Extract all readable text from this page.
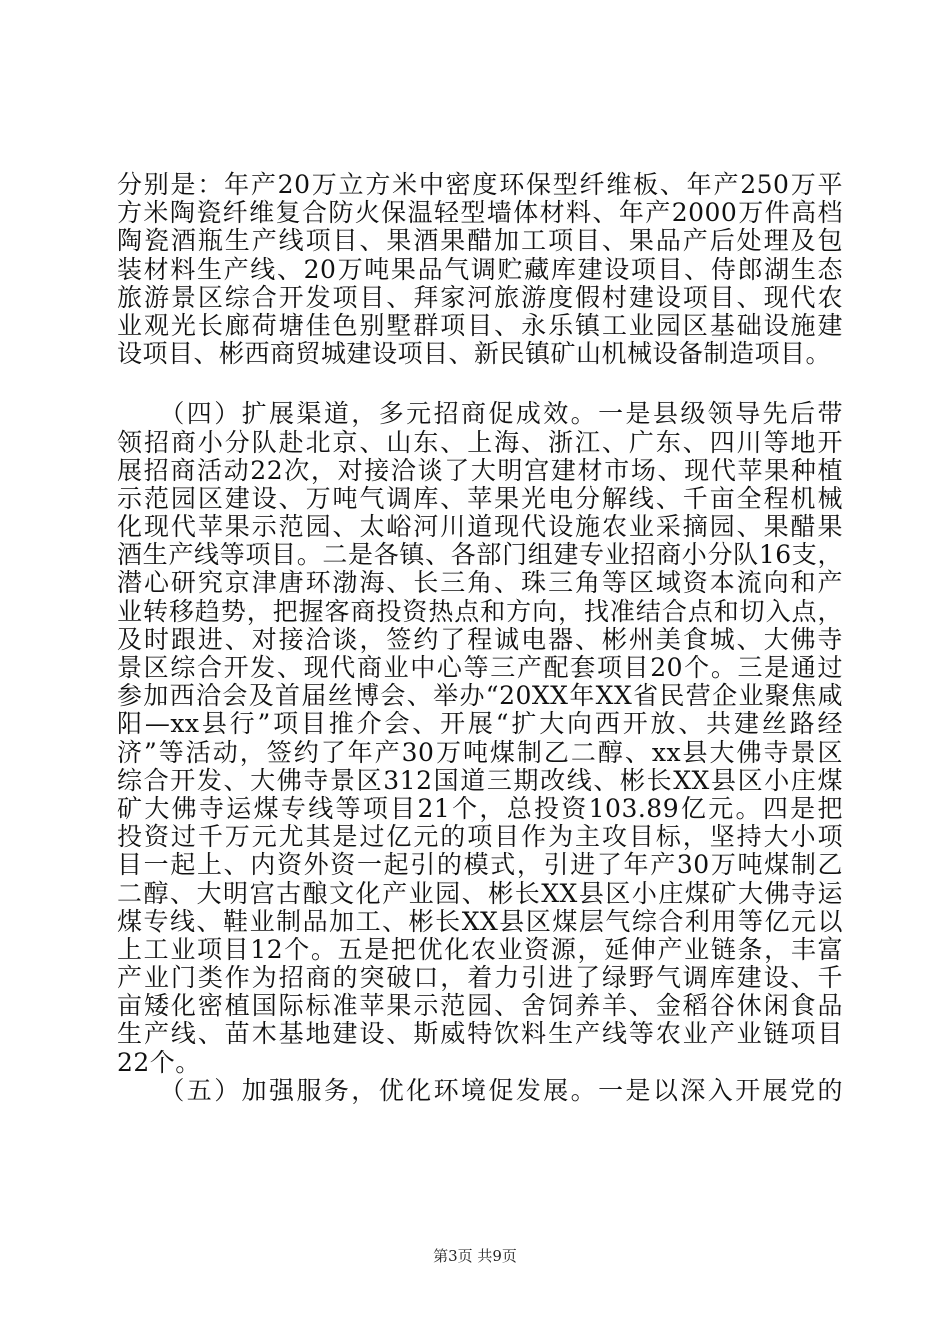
分别是：年产20万立方米中密度环保型纤维板、年产250万平
方米陶瓷纤维复合防火保温轻型墙体材料、年产2000万件高档
陶瓷酒瓶生产线项目、果酒果醋加工项目、果品产后处理及包
装材料生产线、20万吨果品气调贮藏库建设项目、侍郎湖生态
旅游景区综合开发项目、拜家河旅游度假村建设项目、现代农
业观光长廊荷塘佳色别墅群项目、永乐镇工业园区基础设施建
设项目、彬西商贸城建设项目、新民镇矿山机械设备制造项目。
　　（四）扩展渠道，多元招商促成效。一是县级领导先后带
领招商小分队赴北京、山东、上海、浙江、广东、四川等地开
展招商活动22次，对接洽谈了大明宫建材市场、现代苹果种植
示范园区建设、万吨气调库、苹果光电分解线、千亩全程机械
化现代苹果示范园、太峪河川道现代设施农业采摘园、果醋果
酒生产线等项目。二是各镇、各部门组建专业招商小分队16支，
潜心研究京津唐环渤海、长三角、珠三角等区域资本流向和产
业转移趋势，把握客商投资热点和方向，找准结合点和切入点，
及时跟进、对接洽谈，签约了程诚电器、彬州美食城、大佛寺
景区综合开发、现代商业中心等三产配套项目20个。三是通过
参加西洽会及首届丝博会、举办“20XX年XX省民营企业聚焦咸
阳—xx县行”项目推介会、开展“扩大向西开放、共建丝路经
济”等活动，签约了年产30万吨煤制乙二醇、xx县大佛寺景区
综合开发、大佛寺景区312国道三期改线、彬长XX县区小庄煤
矿大佛寺运煤专线等项目21个，总投资103.89亿元。四是把
投资过千万元尤其是过亿元的项目作为主攻目标，坚持大小项
目一起上、内资外资一起引的模式，引进了年产30万吨煤制乙
二醇、大明宫古酿文化产业园、彬长XX县区小庄煤矿大佛寺运
煤专线、鞋业制品加工、彬长XX县区煤层气综合利用等亿元以
上工业项目12个。五是把优化农业资源，延伸产业链条，丰富
产业门类作为招商的突破口，着力引进了绿野气调库建设、千
亩矮化密植国际标准苹果示范园、舍饲养羊、金稻谷休闲食品
生产线、苗木基地建设、斯威特饮料生产线等农业产业链项目
22个。
　　（五）加强服务，优化环境促发展。一是以深入开展党的
第3页 共9页
